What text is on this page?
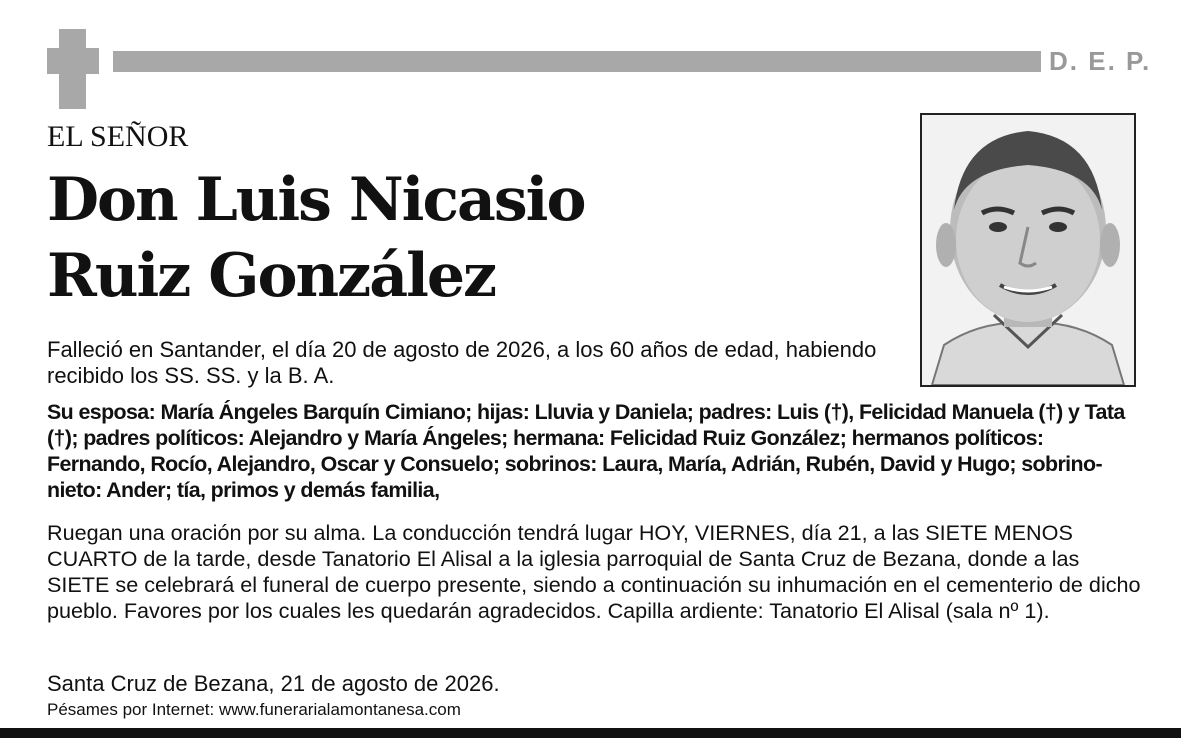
D. E. P.
EL SEÑOR
Don Luis Nicasio
Ruiz González

Falleció en Santander, el día 20 de agosto de 2026, a los 60 años de edad, habiendo recibido los SS. SS. y la B. A.

Su esposa: María Ángeles Barquín Cimiano; hijas: Lluvia y Daniela; padres: Luis (†), Felicidad Manuela (†) y Tata (†); padres políticos: Alejandro y María Ángeles; hermana: Felicidad Ruiz González; hermanos políticos: Fernando, Rocío, Alejandro, Oscar y Consuelo; sobrinos: Laura, María, Adrián, Rubén, David y Hugo; sobrino-nieto: Ander; tía, primos y demás familia,

Ruegan una oración por su alma. La conducción tendrá lugar HOY, VIERNES, día 21, a las SIETE MENOS CUARTO de la tarde, desde Tanatorio El Alisal a la iglesia parroquial de Santa Cruz de Bezana, donde a las SIETE se celebrará el funeral de cuerpo presente, siendo a continuación su inhumación en el cementerio de dicho pueblo. Favores por los cuales les quedarán agradecidos. Capilla ardiente: Tanatorio El Alisal (sala nº 1).

Santa Cruz de Bezana, 21 de agosto de 2026.

Pésames por Internet: www.funerarialamontanesa.com
